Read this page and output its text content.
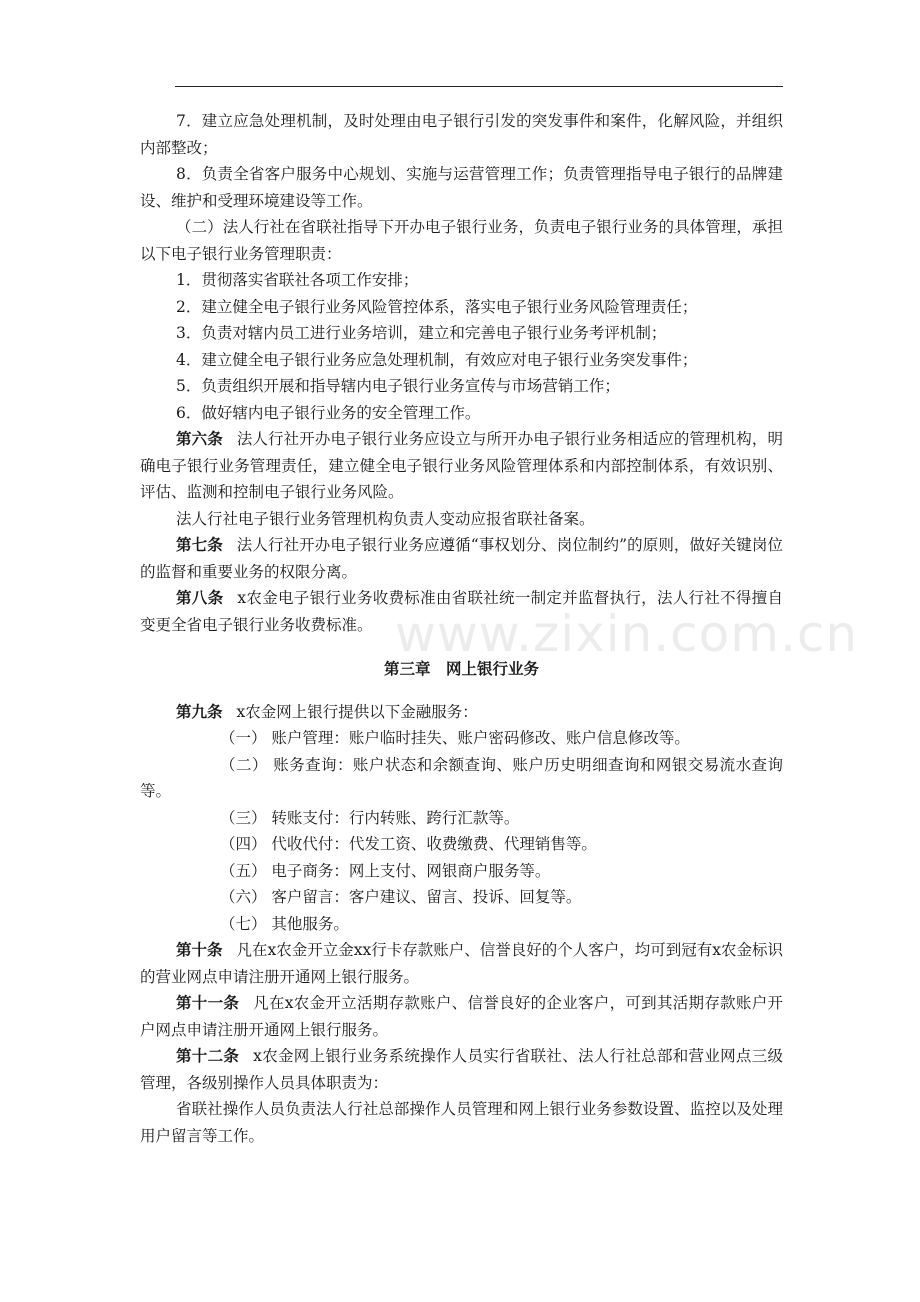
7．建立应急处理机制，及时处理由电子银行引发的突发事件和案件，化解风险，并组织内部整改；

8．负责全省客户服务中心规划、实施与运营管理工作；负责管理指导电子银行的品牌建设、维护和受理环境建设等工作。

（二）法人行社在省联社指导下开办电子银行业务，负责电子银行业务的具体管理，承担以下电子银行业务管理职责：

1．贯彻落实省联社各项工作安排；

2．建立健全电子银行业务风险管控体系，落实电子银行业务风险管理责任；

3．负责对辖内员工进行业务培训，建立和完善电子银行业务考评机制；

4．建立健全电子银行业务应急处理机制，有效应对电子银行业务突发事件；

5．负责组织开展和指导辖内电子银行业务宣传与市场营销工作；

6．做好辖内电子银行业务的安全管理工作。

第六条 法人行社开办电子银行业务应设立与所开办电子银行业务相适应的管理机构，明确电子银行业务管理责任，建立健全电子银行业务风险管理体系和内部控制体系，有效识别、评估、监测和控制电子银行业务风险。

法人行社电子银行业务管理机构负责人变动应报省联社备案。

第七条 法人行社开办电子银行业务应遵循“事权划分、岗位制约”的原则，做好关键岗位的监督和重要业务的权限分离。

第八条 x农金电子银行业务收费标准由省联社统一制定并监督执行，法人行社不得擅自变更全省电子银行业务收费标准。

第三章　网上银行业务

第九条 x农金网上银行提供以下金融服务：

（一） 账户管理：账户临时挂失、账户密码修改、账户信息修改等。

（二） 账务查询：账户状态和余额查询、账户历史明细查询和网银交易流水查询等。

（三） 转账支付：行内转账、跨行汇款等。

（四） 代收代付：代发工资、收费缴费、代理销售等。

（五） 电子商务：网上支付、网银商户服务等。

（六） 客户留言：客户建议、留言、投诉、回复等。

（七） 其他服务。

第十条 凡在x农金开立金xx行卡存款账户、信誉良好的个人客户，均可到冠有x农金标识的营业网点申请注册开通网上银行服务。

第十一条 凡在x农金开立活期存款账户、信誉良好的企业客户，可到其活期存款账户开户网点申请注册开通网上银行服务。

第十二条 x农金网上银行业务系统操作人员实行省联社、法人行社总部和营业网点三级管理，各级别操作人员具体职责为：

省联社操作人员负责法人行社总部操作人员管理和网上银行业务参数设置、监控以及处理用户留言等工作。

www.zixin.com.cn
